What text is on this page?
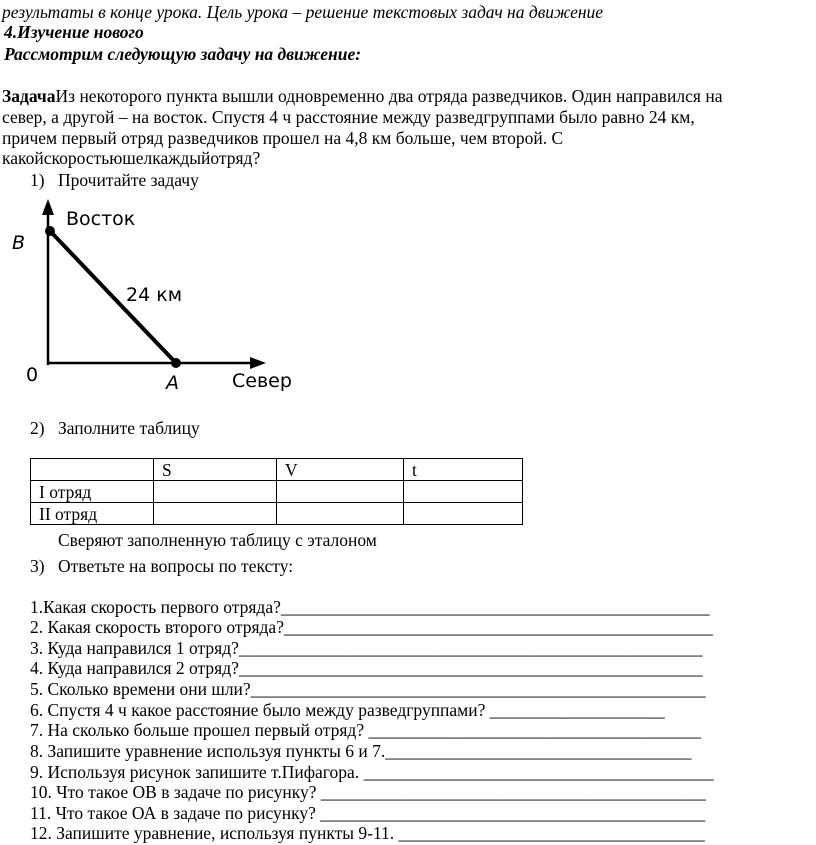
результаты в конце урока. Цель урока – решение текстовых задач на движение
4.Изучение нового
Рассмотрим следующую задачу на движение:
ЗадачаИз некоторого пункта вышли одновременно два отряда разведчиков. Один направился на
север, а другой – на восток. Спустя 4 ч расстояние между разведгруппами было равно 24 км,
причем первый отряд разведчиков прошел на 4,8 км больше, чем второй. С
какойскоростьюшелкаждыйотряд?
1) Прочитайте задачу
Восток
В
24 км
0	А	Север
2) Заполните таблицу
	S	V	t
I отряд			
II отряд			
Сверяют заполненную таблицу с эталоном
3) Ответьте на вопросы по тексту:
1.Какая скорость первого отряда?_________________________________________________
2. Какая скорость второго отряда?_________________________________________________
3. Куда направился 1 отряд?_____________________________________________________
4. Куда направился 2 отряд?_____________________________________________________
5. Сколько времени они шли?____________________________________________________
6. Спустя 4 ч какое расстояние было между разведгруппами? ____________________
7. На сколько больше прошел первый отряд? ______________________________________
8. Запишите уравнение используя пункты 6 и 7.___________________________________
9. Используя рисунок запишите т.Пифагора. ________________________________________
10. Что такое ОВ в задаче по рисунку? ____________________________________________
11. Что такое ОА в задаче по рисунку? ____________________________________________
12. Запишите уравнение, используя пункты 9-11. ___________________________________
